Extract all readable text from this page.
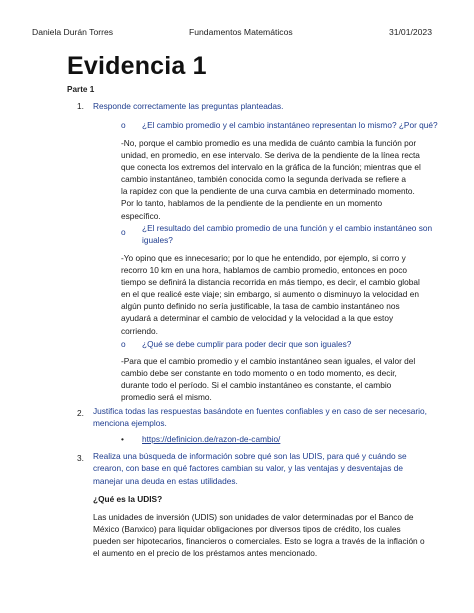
Daniela Durán Torres	Fundamentos Matemáticos	31/01/2023
Evidencia 1
Parte 1
1. Responde correctamente las preguntas planteadas.
o ¿El cambio promedio y el cambio instantáneo representan lo mismo? ¿Por qué?
-No, porque el cambio promedio es una medida de cuánto cambia la función por
unidad, en promedio, en ese intervalo. Se deriva de la pendiente de la línea recta
que conecta los extremos del intervalo en la gráfica de la función; mientras que el
cambio instantáneo, también conocida como la segunda derivada se refiere a
la rapidez con que la pendiente de una curva cambia en determinado momento.
Por lo tanto, hablamos de la pendiente de la pendiente en un momento
específico.
o ¿El resultado del cambio promedio de una función y el cambio instantáneo son
iguales?
-Yo opino que es innecesario; por lo que he entendido, por ejemplo, si corro y
recorro 10 km en una hora, hablamos de cambio promedio, entonces en poco
tiempo se definirá la distancia recorrida en más tiempo, es decir, el cambio global
en el que realicé este viaje; sin embargo, si aumento o disminuyo la velocidad en
algún punto definido no sería justificable, la tasa de cambio instantáneo nos
ayudará a determinar el cambio de velocidad y la velocidad a la que estoy
corriendo.
o ¿Qué se debe cumplir para poder decir que son iguales?
-Para que el cambio promedio y el cambio instantáneo sean iguales, el valor del
cambio debe ser constante en todo momento o en todo momento, es decir,
durante todo el período. Si el cambio instantáneo es constante, el cambio
promedio será el mismo.
2. Justifica todas las respuestas basándote en fuentes confiables y en caso de ser necesario,
menciona ejemplos.
• https://definicion.de/razon-de-cambio/
3. Realiza una búsqueda de información sobre qué son las UDIS, para qué y cuándo se
crearon, con base en qué factores cambian su valor, y las ventajas y desventajas de
manejar una deuda en estas utilidades.
¿Qué es la UDIS?
Las unidades de inversión (UDIS) son unidades de valor determinadas por el Banco de
México (Banxico) para liquidar obligaciones por diversos tipos de crédito, los cuales
pueden ser hipotecarios, financieros o comerciales. Esto se logra a través de la inflación o
el aumento en el precio de los préstamos antes mencionado.
